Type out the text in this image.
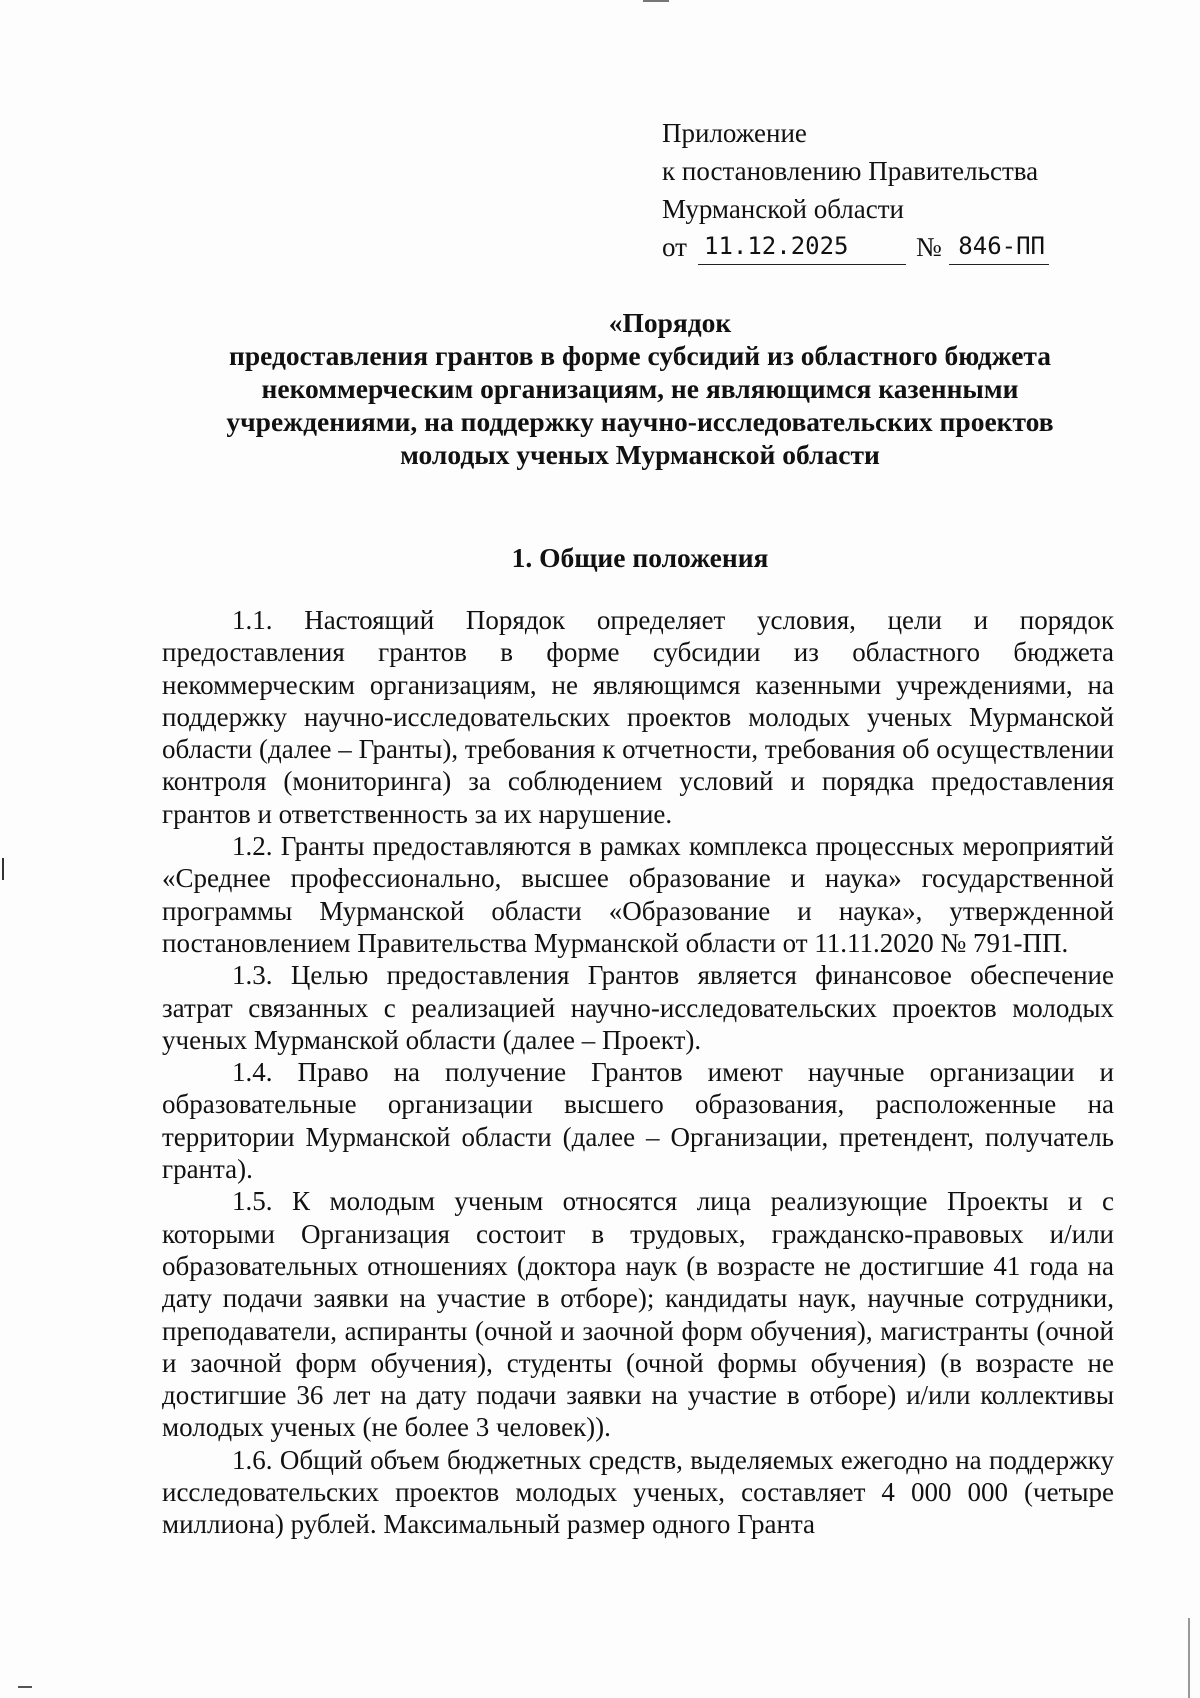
Приложение
к постановлению Правительства
Мурманской области
от 11.12.2025	№ 846-ПП
«Порядок
предоставления грантов в форме субсидий из областного бюджета
некоммерческим организациям, не являющимся казенными
учреждениями, на поддержку научно-исследовательских проектов
молодых ученых Мурманской области
1. Общие положения

1.1. Настоящий Порядок определяет условия, цели и порядок предоставления грантов в форме субсидии из областного бюджета некоммерческим организациям, не являющимся казенными учреждениями, на поддержку научно-исследовательских проектов молодых ученых Мурманской области (далее – Гранты), требования к отчетности, требования об осуществлении контроля (мониторинга) за соблюдением условий и порядка предоставления грантов и ответственность за их нарушение.

1.2. Гранты предоставляются в рамках комплекса процессных мероприятий «Среднее профессионально, высшее образование и наука» государственной программы Мурманской области «Образование и наука», утвержденной постановлением Правительства Мурманской области от 11.11.2020 № 791-ПП.

1.3. Целью предоставления Грантов является финансовое обеспечение затрат связанных с реализацией научно-исследовательских проектов молодых ученых Мурманской области (далее – Проект).

1.4. Право на получение Грантов имеют научные организации и образовательные организации высшего образования, расположенные на территории Мурманской области (далее – Организации, претендент, получатель гранта).

1.5. К молодым ученым относятся лица реализующие Проекты и с которыми Организация состоит в трудовых, гражданско-правовых и/или образовательных отношениях (доктора наук (в возрасте не достигшие 41 года на дату подачи заявки на участие в отборе); кандидаты наук, научные сотрудники, преподаватели, аспиранты (очной и заочной форм обучения), магистранты (очной и заочной форм обучения), студенты (очной формы обучения) (в возрасте не достигшие 36 лет на дату подачи заявки на участие в отборе) и/или коллективы молодых ученых (не более 3 человек)).

1.6. Общий объем бюджетных средств, выделяемых ежегодно на поддержку исследовательских проектов молодых ученых, составляет 4 000 000 (четыре миллиона) рублей. Максимальный размер одного Гранта
